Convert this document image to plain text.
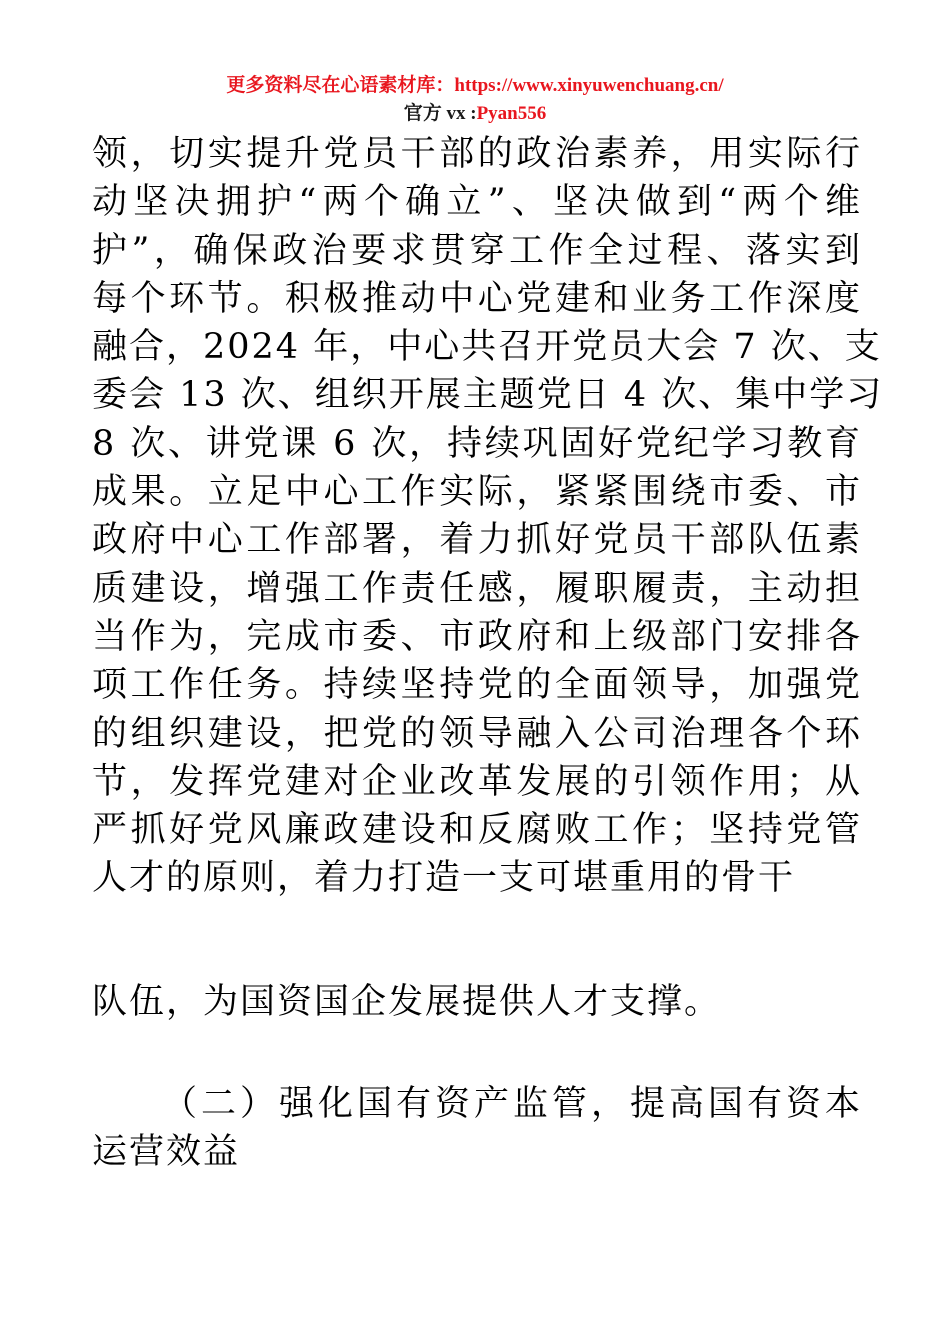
更多资料尽在心语素材库：https://www.xinyuwenchuang.cn/
官方 vx :Pyan556
领，切实提升党员干部的政治素养，用实际行
动坚决拥护“两个确立”、坚决做到“两个维
护”，确保政治要求贯穿工作全过程、落实到
每个环节。积极推动中心党建和业务工作深度
融合，2024 年，中心共召开党员大会 7 次、支
委会 13 次、组织开展主题党日 4 次、集中学习
8 次、讲党课 6 次，持续巩固好党纪学习教育
成果。立足中心工作实际，紧紧围绕市委、市
政府中心工作部署，着力抓好党员干部队伍素
质建设，增强工作责任感，履职履责，主动担
当作为，完成市委、市政府和上级部门安排各
项工作任务。持续坚持党的全面领导，加强党
的组织建设，把党的领导融入公司治理各个环
节，发挥党建对企业改革发展的引领作用；从
严抓好党风廉政建设和反腐败工作；坚持党管
人才的原则，着力打造一支可堪重用的骨干
队伍，为国资国企发展提供人才支撑。
（二）强化国有资产监管，提高国有资本
运营效益
